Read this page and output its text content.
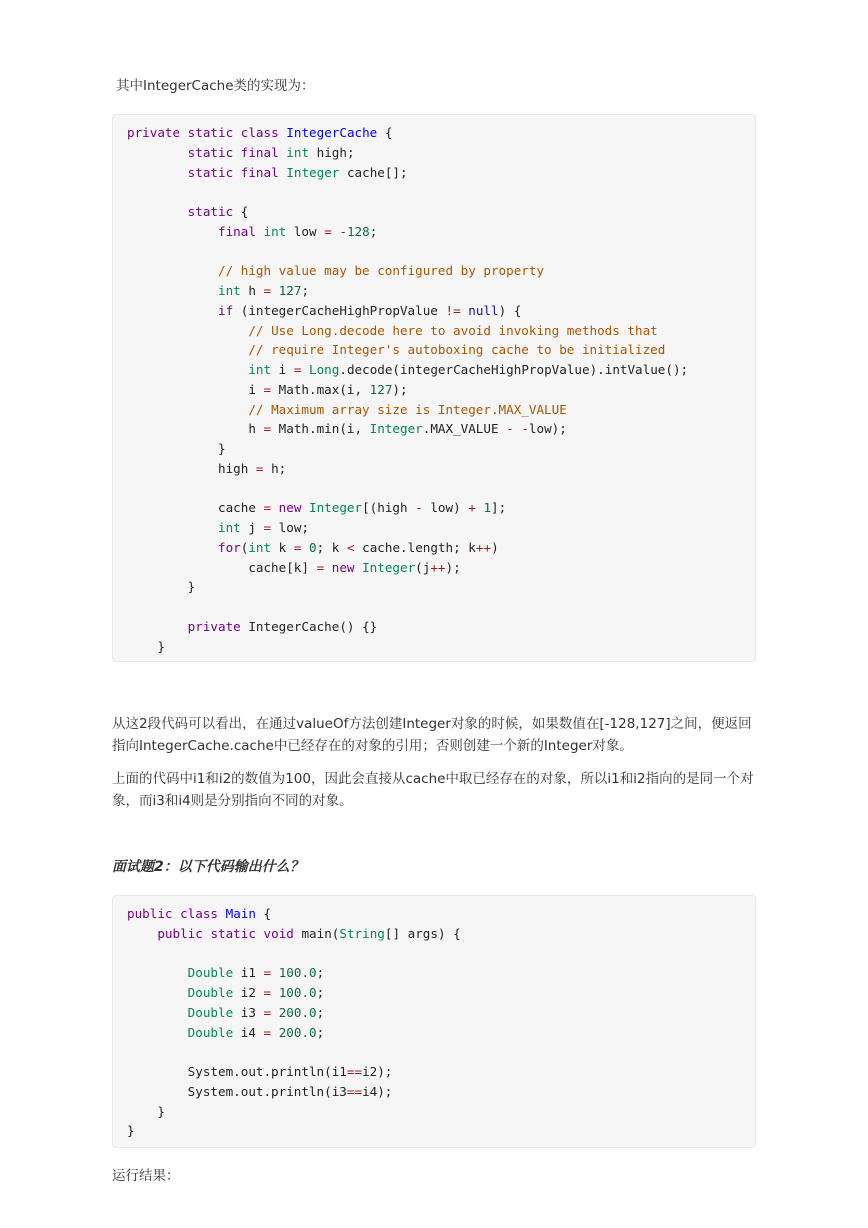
其中IntegerCache类的实现为：

private static class IntegerCache {
static final int high;
static final Integer cache[];

static {
final int low = -128;

// high value may be configured by property
int h = 127;
if (integerCacheHighPropValue != null) {
// Use Long.decode here to avoid invoking methods that
// require Integer's autoboxing cache to be initialized
int i = Long.decode(integerCacheHighPropValue).intValue();
i = Math.max(i, 127);
// Maximum array size is Integer.MAX_VALUE
h = Math.min(i, Integer.MAX_VALUE - -low);
}
high = h;

cache = new Integer[(high - low) + 1];
int j = low;
for(int k = 0; k < cache.length; k++)
cache[k] = new Integer(j++);
}

private IntegerCache() {}
}

从这2段代码可以看出，在通过valueOf方法创建Integer对象的时候，如果数值在[-128,127]之间，便返回指向IntegerCache.cache中已经存在的对象的引用；否则创建一个新的Integer对象。

上面的代码中i1和i2的数值为100，因此会直接从cache中取已经存在的对象，所以i1和i2指向的是同一个对象，而i3和i4则是分别指向不同的对象。

面试题2：以下代码输出什么？

public class Main {
public static void main(String[] args) {

Double i1 = 100.0;
Double i2 = 100.0;
Double i3 = 200.0;
Double i4 = 200.0;

System.out.println(i1==i2);
System.out.println(i3==i4);
}
}

运行结果：
